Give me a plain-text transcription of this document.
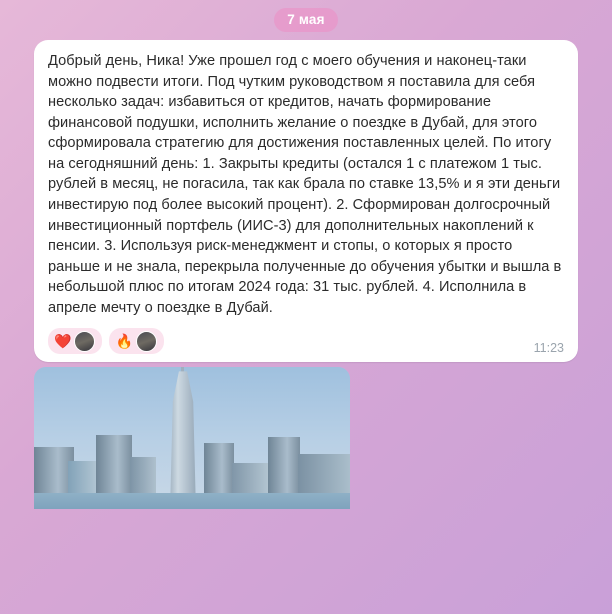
7 мая

Добрый день, Ника! Уже прошел год с моего обучения и наконец-таки можно подвести итоги. Под чутким руководством я поставила для себя несколько задач: избавиться от кредитов, начать формирование финансовой подушки, исполнить желание о поездке в Дубай, для этого сформировала стратегию для достижения поставленных целей. По итогу на сегодняшний день: 1. Закрыты кредиты (остался 1 с платежом 1 тыс. рублей в месяц, не погасила, так как брала по ставке 13,5% и я эти деньги инвестирую под более высокий процент). 2. Сформирован долгосрочный инвестиционный портфель (ИИС-3) для дополнительных накоплений к пенсии. 3. Используя риск-менеджмент и стопы, о которых я просто раньше и не знала, перекрыла полученные до обучения убытки и вышла в небольшой плюс по итогам 2024 года: 31 тыс. рублей. 4. Исполнила в апреле мечту о поездке в Дубай.

❤️	🔥	11:23
